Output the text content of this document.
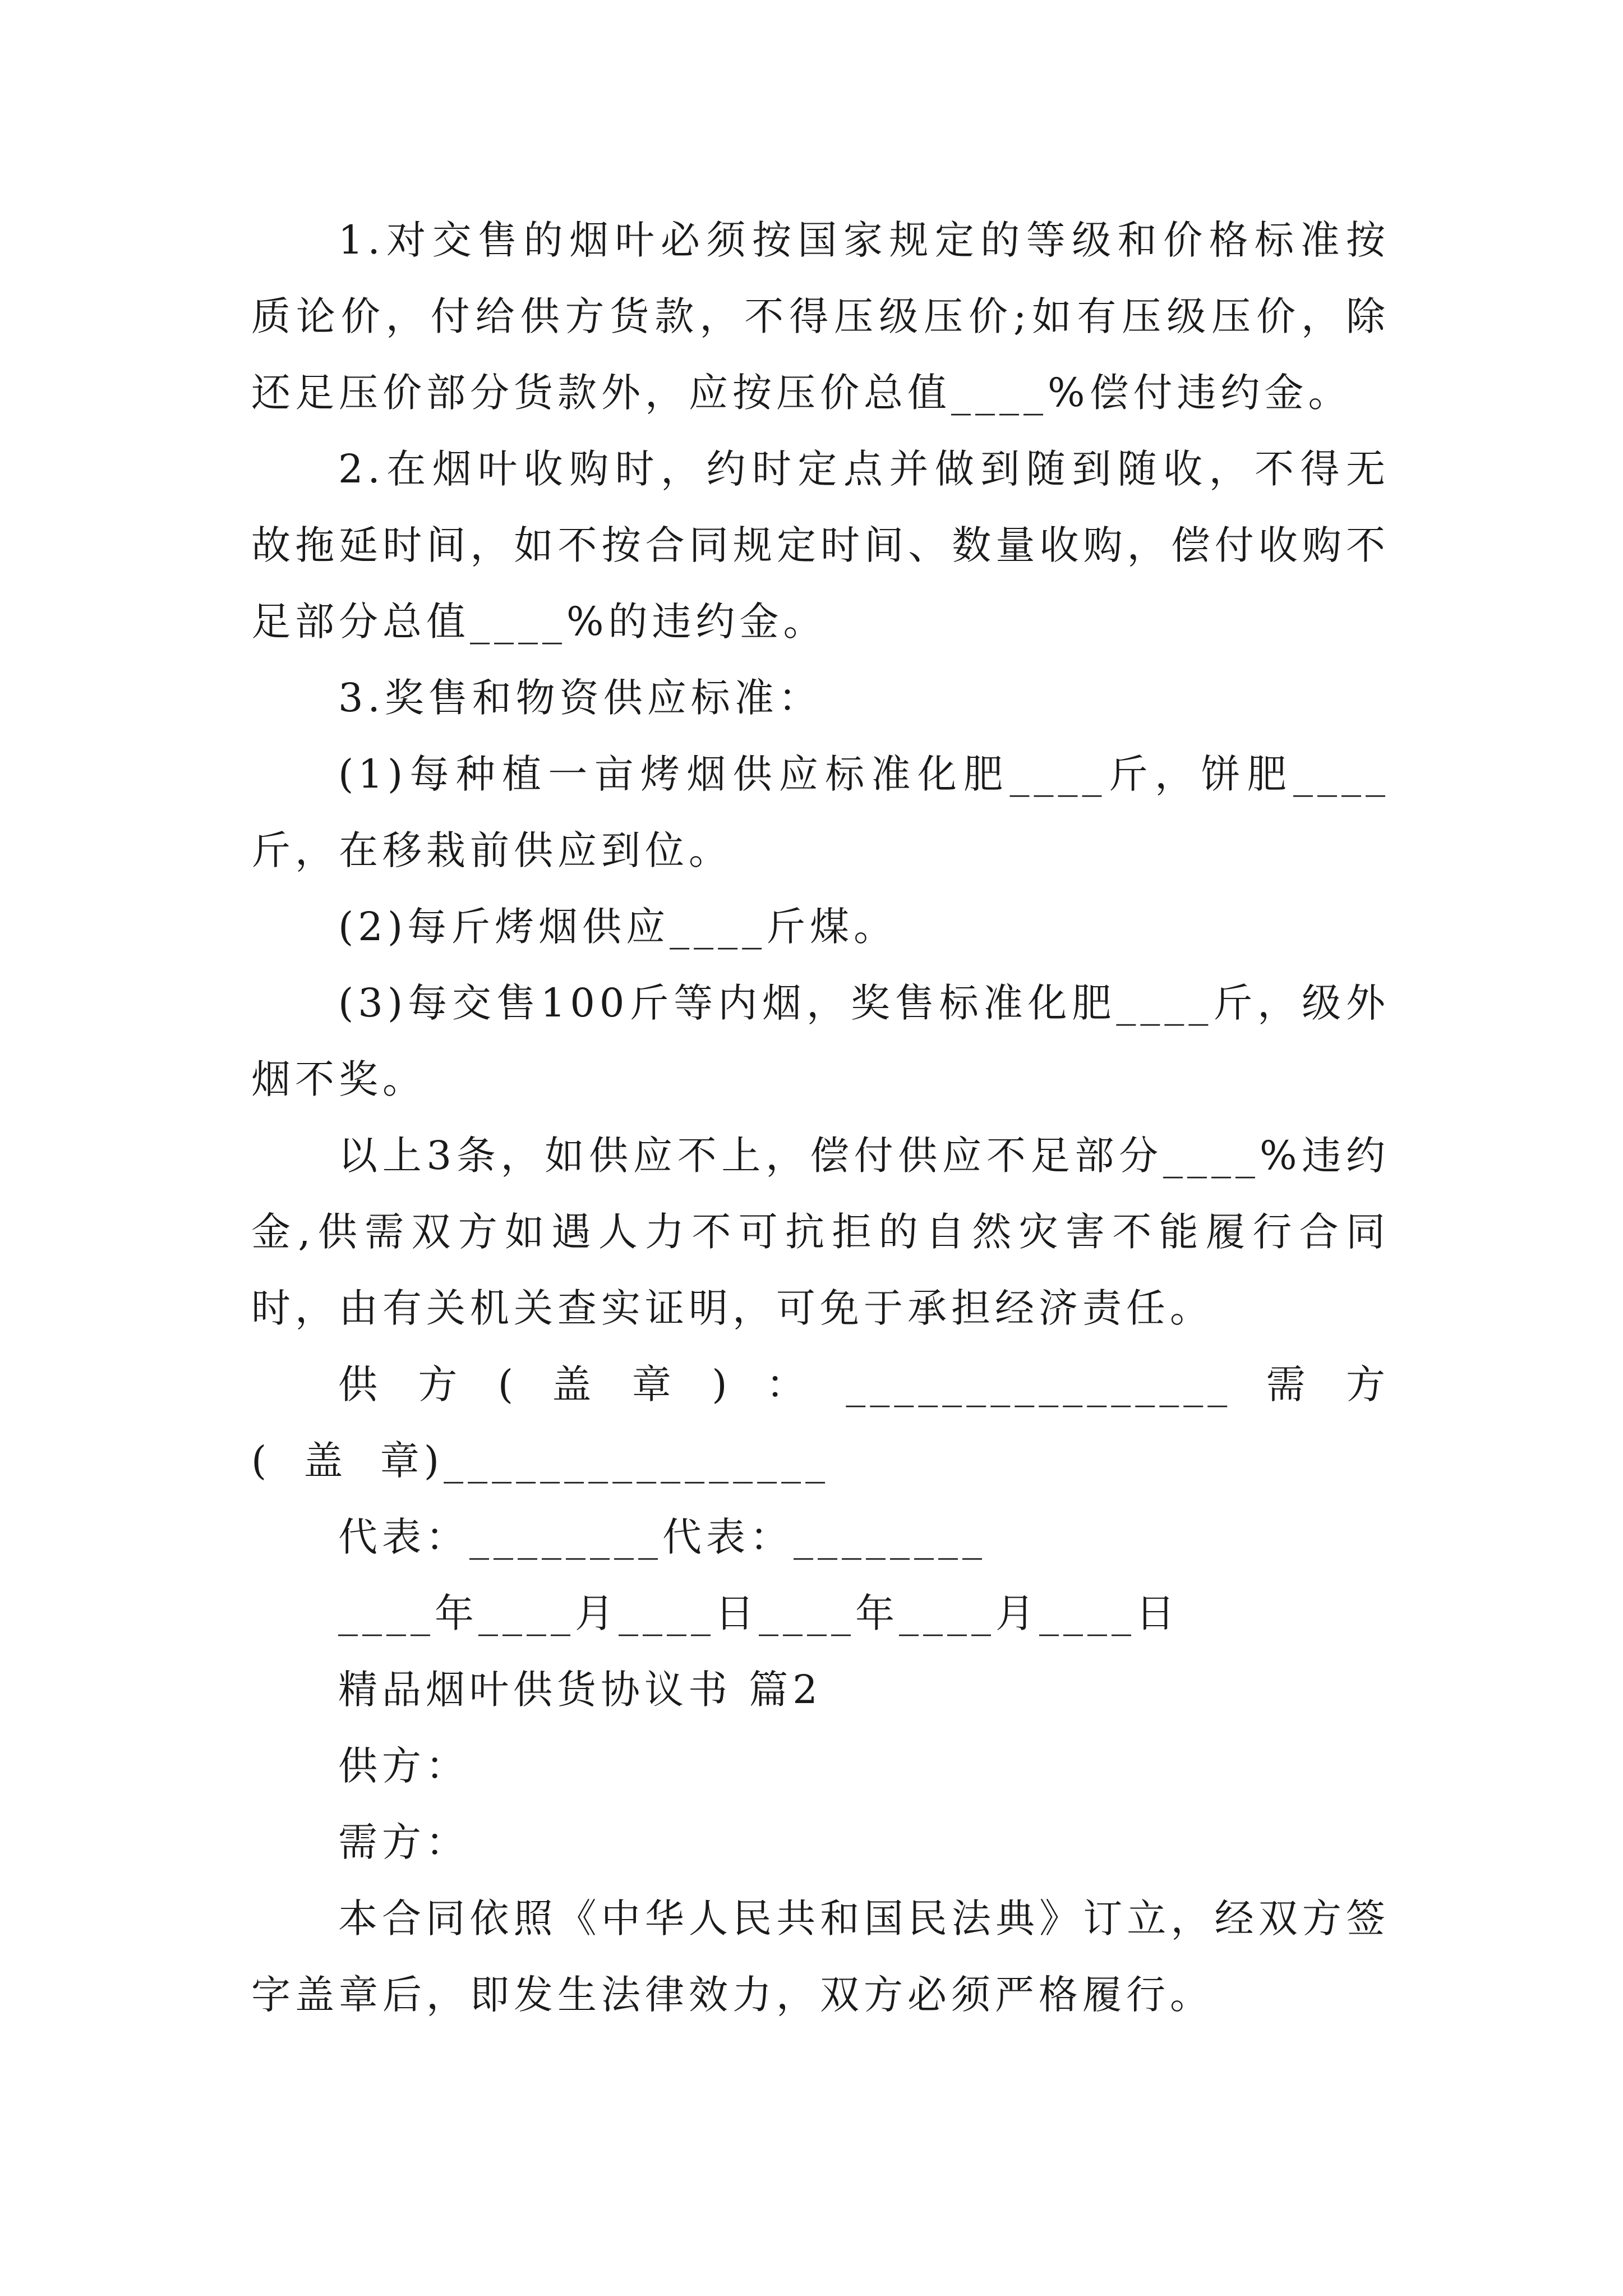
1.对交售的烟叶必须按国家规定的等级和价格标准按质论价，付给供方货款，不得压级压价;如有压级压价，除还足压价部分货款外，应按压价总值____%偿付违约金。

2.在烟叶收购时，约时定点并做到随到随收，不得无故拖延时间，如不按合同规定时间、数量收购，偿付收购不足部分总值____%的违约金。

3.奖售和物资供应标准：

(1)每种植一亩烤烟供应标准化肥____斤，饼肥____斤，在移栽前供应到位。

(2)每斤烤烟供应____斤煤。

(3)每交售100斤等内烟，奖售标准化肥____斤，级外烟不奖。

以上3条，如供应不上，偿付供应不足部分____%违约金,供需双方如遇人力不可抗拒的自然灾害不能履行合同时，由有关机关查实证明，可免于承担经济责任。

供 方 ( 盖 章 ) ： ________________ 需 方 ( 盖 章)________________

代表：________代表：________

____年____月____日____年____月____日

精品烟叶供货协议书 篇2

供方：

需方：

本合同依照《中华人民共和国民法典》订立，经双方签字盖章后，即发生法律效力，双方必须严格履行。
